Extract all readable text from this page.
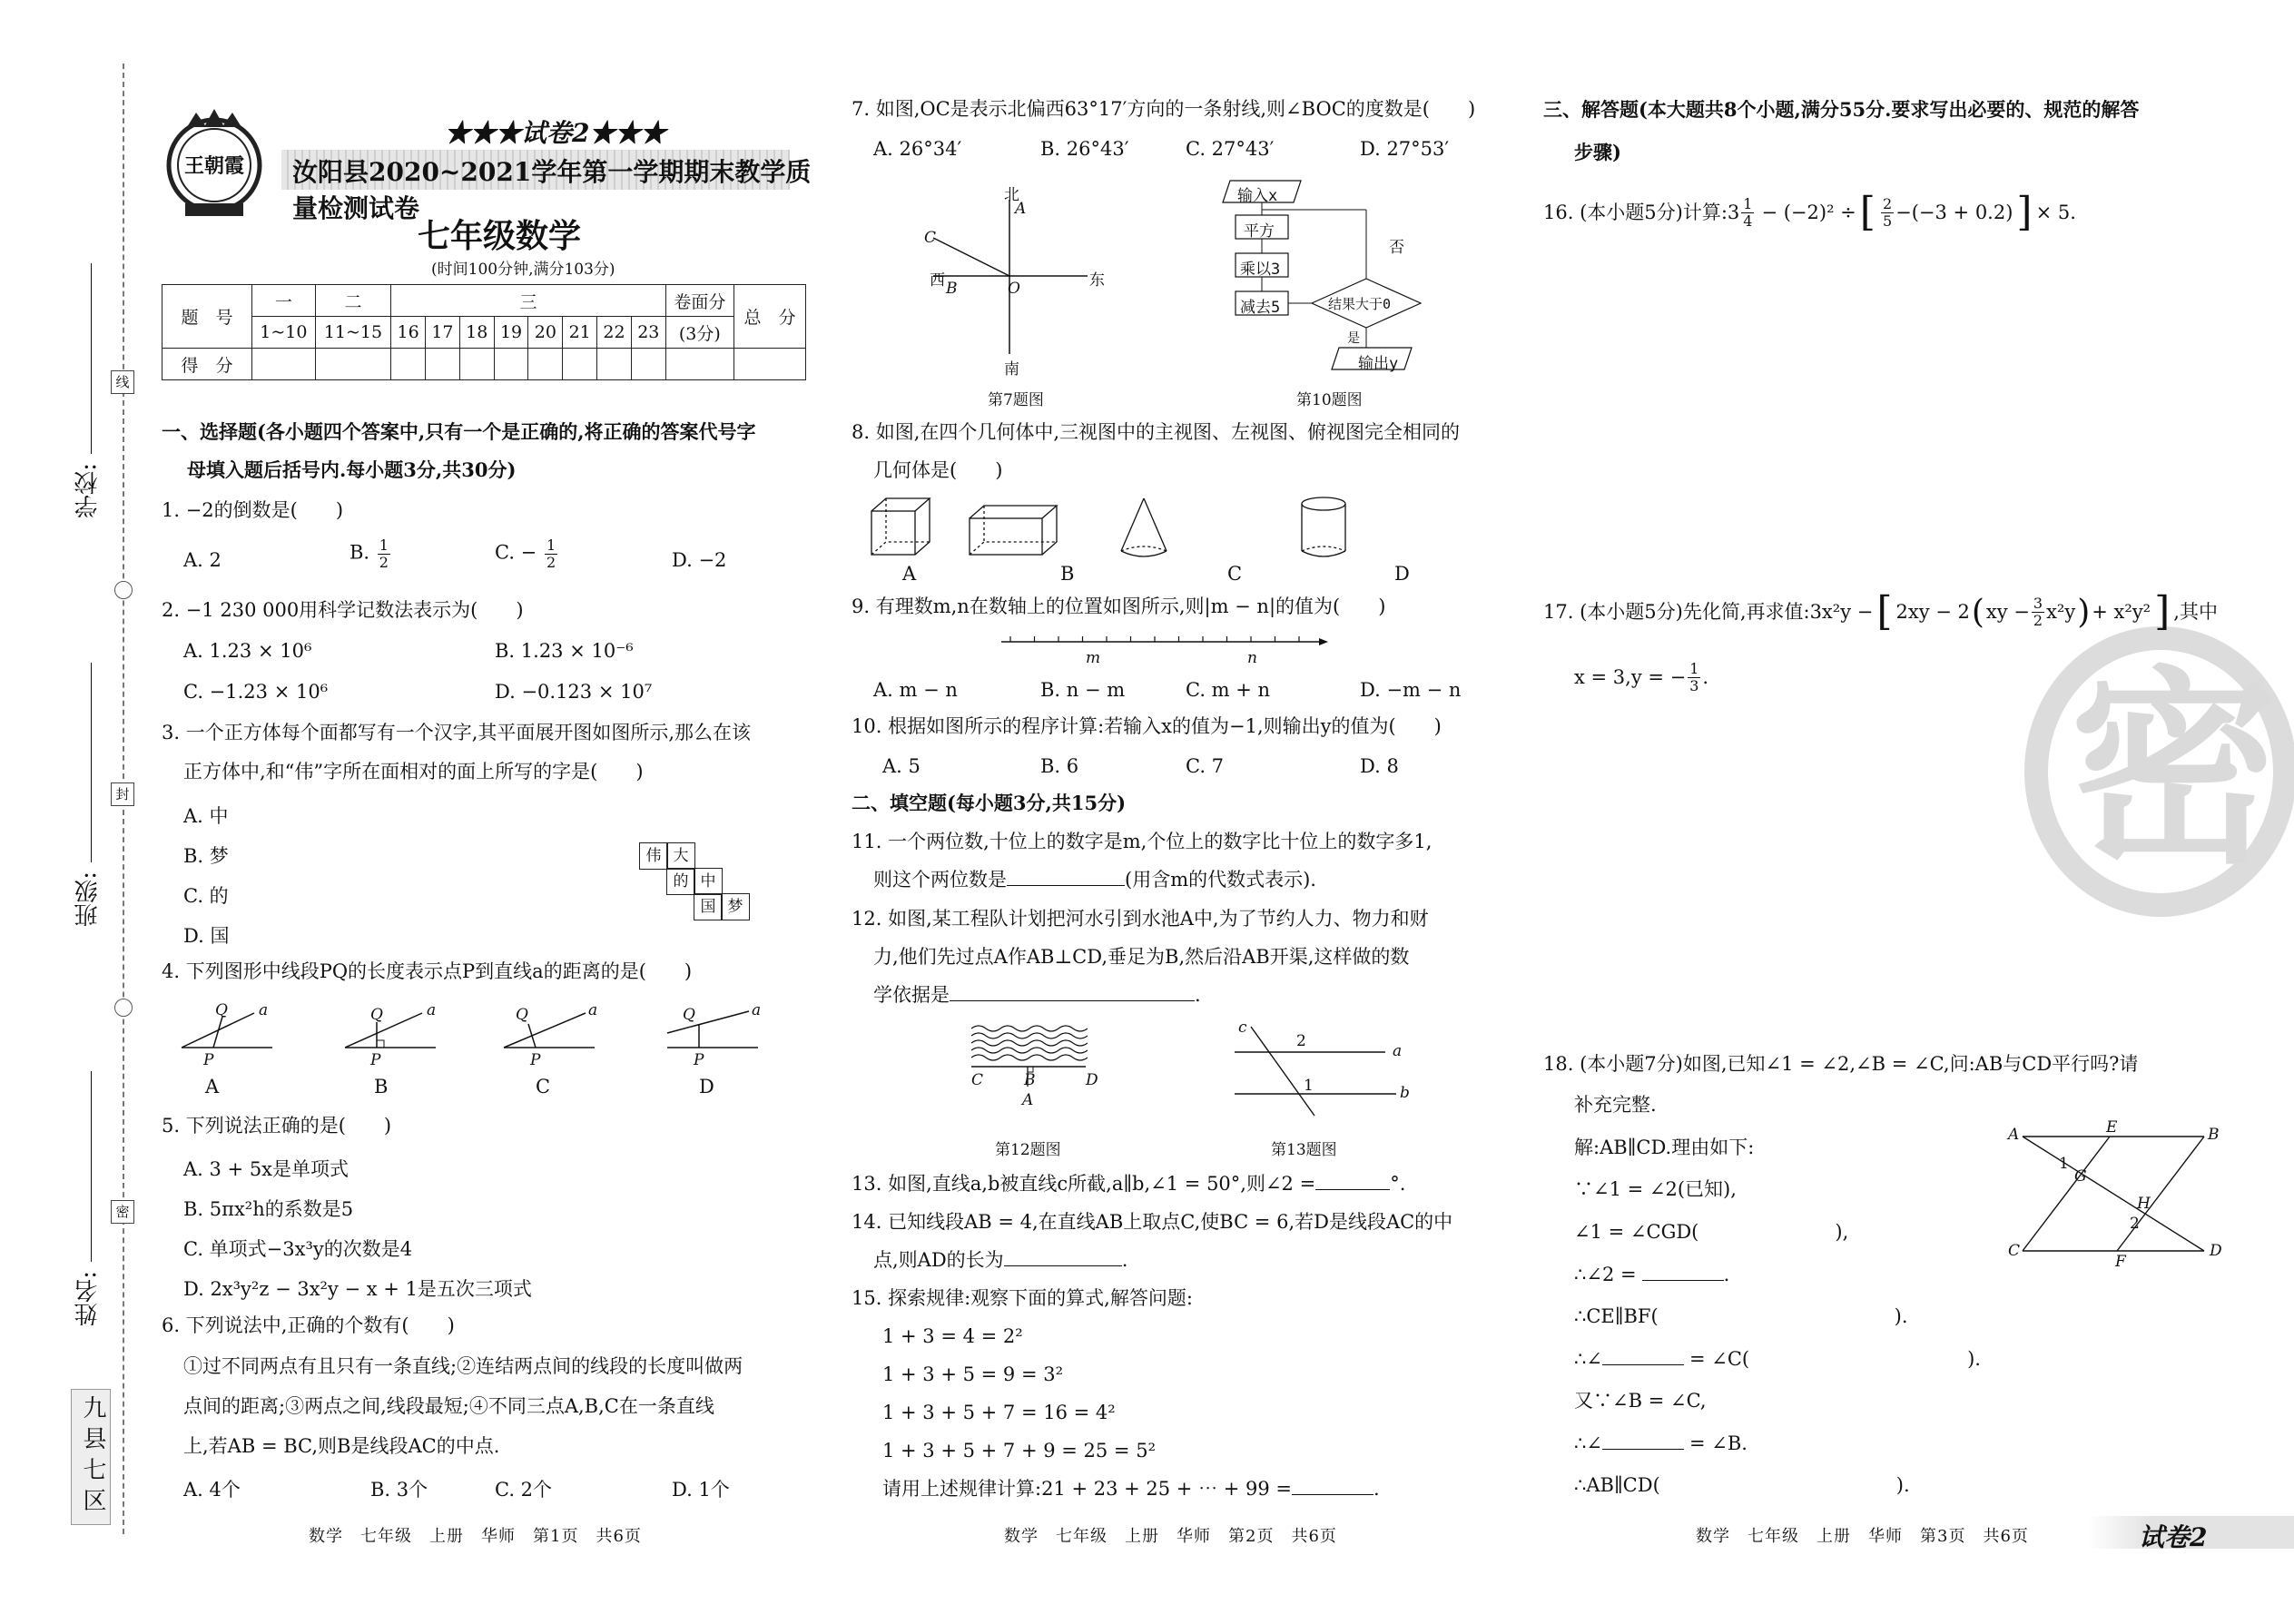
学校:
班级:
姓名:
线
封
密
九县七区
王朝霞
★★★试卷2★★★
汝阳县2020~2021学年第一学期期末教学质量检测试卷
七年级数学
(时间100分钟,满分103分)
题　号	一	二	三								卷面分	总　分
	1~10	11~15	16	17	18	19	20	21	22	23	(3分)	
得　分												
一、选择题(各小题四个答案中,只有一个是正确的,将正确的答案代号字
母填入题后括号内.每小题3分,共30分)
1. −2的倒数是(　　)
A. 2	B. $\frac{1}{2}$	C. − $\frac{1}{2}$	D. −2
2. −1 230 000用科学记数法表示为(　　)
A. 1.23 × 10⁶	B. 1.23 × 10⁻⁶
C. −1.23 × 10⁶	D. −0.123 × 10⁷
3. 一个正方体每个面都写有一个汉字,其平面展开图如图所示,那么在该
正方体中,和“伟”字所在面相对的面上所写的字是(　　)
A. 中
B. 梦
C. 的
D. 国
伟 大
的 中
国 梦
4. 下列图形中线段PQ的长度表示点P到直线a的距离的是(　　)
Q a
P
Q	a
P
Q	a
P
Q	a
P
A	B	C	D
5. 下列说法正确的是(　　)
A. 3 + 5x是单项式
B. 5πx²h的系数是5
C. 单项式−3x³y的次数是4
D. 2x³y²z − 3x²y − x + 1是五次三项式
6. 下列说法中,正确的个数有(　　)
①过不同两点有且只有一条直线;②连结两点间的线段的长度叫做两
点间的距离;③两点之间,线段最短;④不同三点A,B,C在一条直线
上,若AB = BC,则B是线段AC的中点.
A. 4个	B. 3个	C. 2个	D. 1个
数学　七年级　上册　华师　第1页　共6页
7. 如图,OC是表示北偏西63°17′方向的一条射线,则∠BOC的度数是(　　)
A. 26°34′	B. 26°43′	C. 27°43′	D. 27°53′
北
A
C
西 B	O	东
南
第7题图
输入x
平方
乘以3
减去5	结果大于0
否
是
输出y
第10题图
8. 如图,在四个几何体中,三视图中的主视图、左视图、俯视图完全相同的
几何体是(　　)
A	B	C	D
9. 有理数m,n在数轴上的位置如图所示,则|m − n|的值为(　　)
m	n
A. m − n	B. n − m	C. m + n	D. −m − n
10. 根据如图所示的程序计算:若输入x的值为−1,则输出y的值为(　　)
A. 5	B. 6	C. 7	D. 8
二、填空题(每小题3分,共15分)
11. 一个两位数,十位上的数字是m,个位上的数字比十位上的数字多1,
则这个两位数是	(用含m的代数式表示).
12. 如图,某工程队计划把河水引到水池A中,为了节约人力、物力和财
力,他们先过点A作AB⊥CD,垂足为B,然后沿AB开渠,这样做的数
学依据是	.
C	B	D
A
第12题图
c
2
a
1	b
第13题图
13. 如图,直线a,b被直线c所截,a∥b,∠1 = 50°,则∠2 =	°.
14. 已知线段AB = 4,在直线AB上取点C,使BC = 6,若D是线段AC的中
点,则AD的长为	.
15. 探索规律:观察下面的算式,解答问题:
1 + 3 = 4 = 2²
1 + 3 + 5 = 9 = 3²
1 + 3 + 5 + 7 = 16 = 4²
1 + 3 + 5 + 7 + 9 = 25 = 5²
请用上述规律计算:21 + 23 + 25 + ⋯ + 99 =	.
数学　七年级　上册　华师　第2页　共6页
密
三、解答题(本大题共8个小题,满分55分.要求写出必要的、规范的解答
步骤)
16. (本小题5分)计算:3 $\frac{1}{4} - (-2)^2$ ÷ [ $\frac{2}{5} -(-3 + 0.2)$ ] × 5.
17. (本小题5分)先化简,再求值:3x²y − [ 2xy − 2 ( xy − $\frac{3}{2} x^2y$ ) + x²y² ] ,其中
x = 3,y = − $\frac{1}{3}$ .
18. (本小题7分)如图,已知∠1 = ∠2,∠B = ∠C,问:AB与CD平行吗?请
补充完整.
解:AB∥CD.理由如下:
∵∠1 = ∠2(已知),
∠1 = ∠CGD(	),
∴∠2 =	.
∴CE∥BF(	).
∴∠	= ∠C(	).
又∵∠B = ∠C,
∴∠	= ∠B.
∴AB∥CD(	).
A	E	B
1
G
H
2
C
F
D
数学　七年级　上册　华师　第3页　共6页	试卷2
